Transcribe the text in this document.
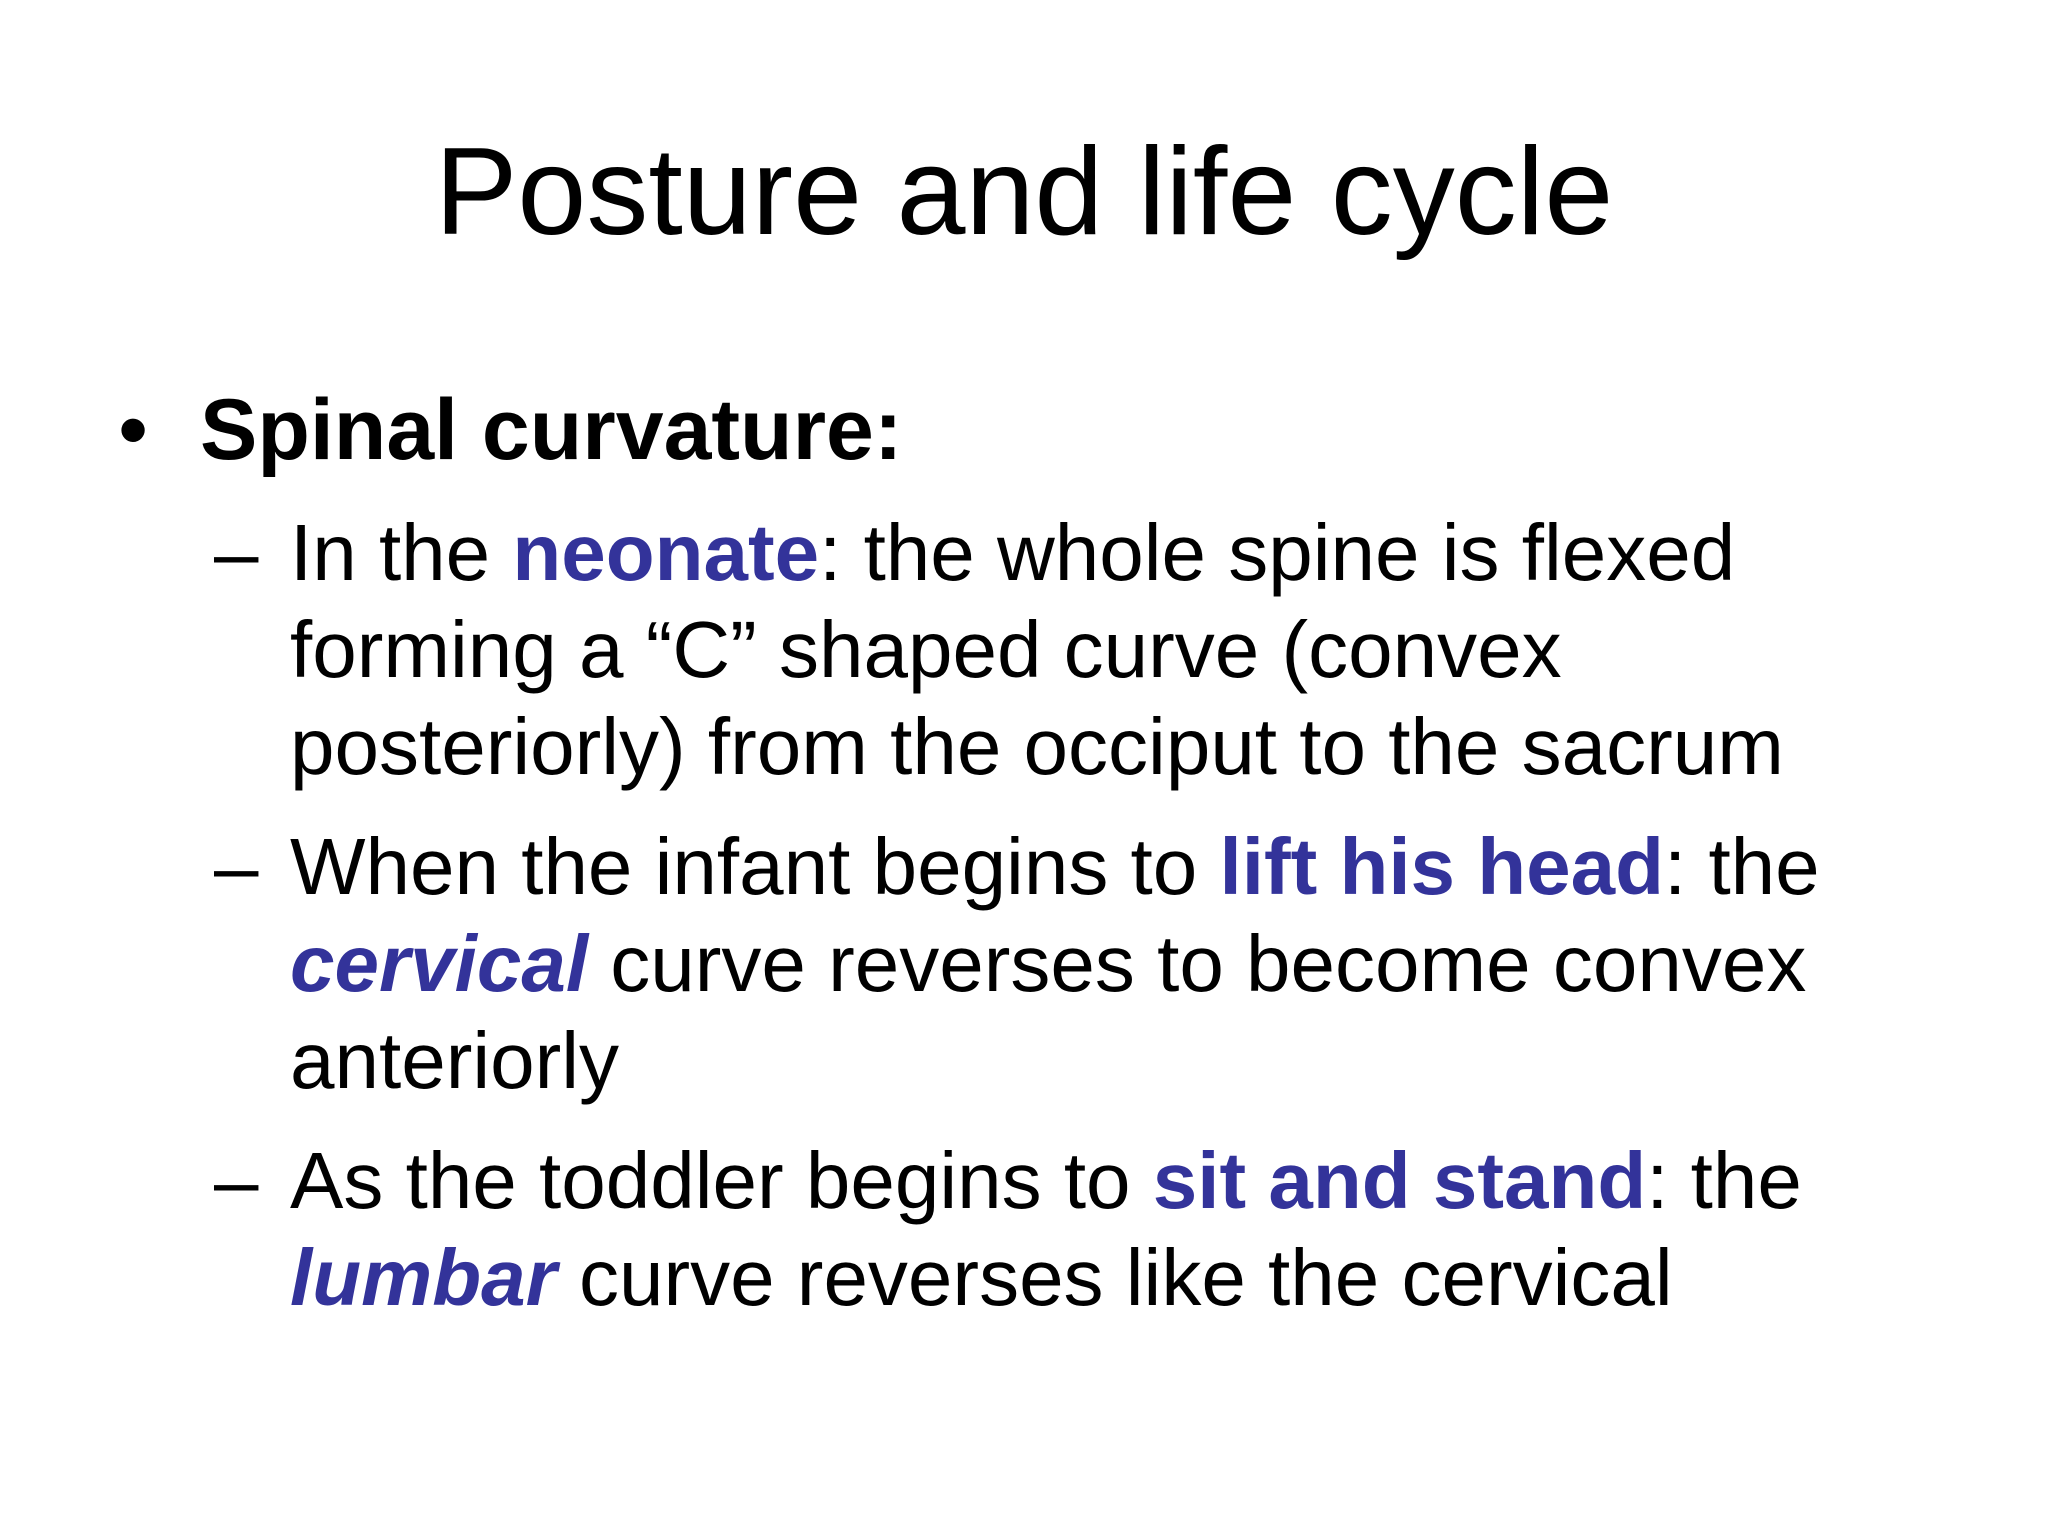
Posture and life cycle
• Spinal curvature:
– In the neonate: the whole spine is flexed
forming a “C” shaped curve (convex
posteriorly) from the occiput to the sacrum
– When the infant begins to lift his head: the
cervical curve reverses to become convex
anteriorly
– As the toddler begins to sit and stand: the
lumbar curve reverses like the cervical
